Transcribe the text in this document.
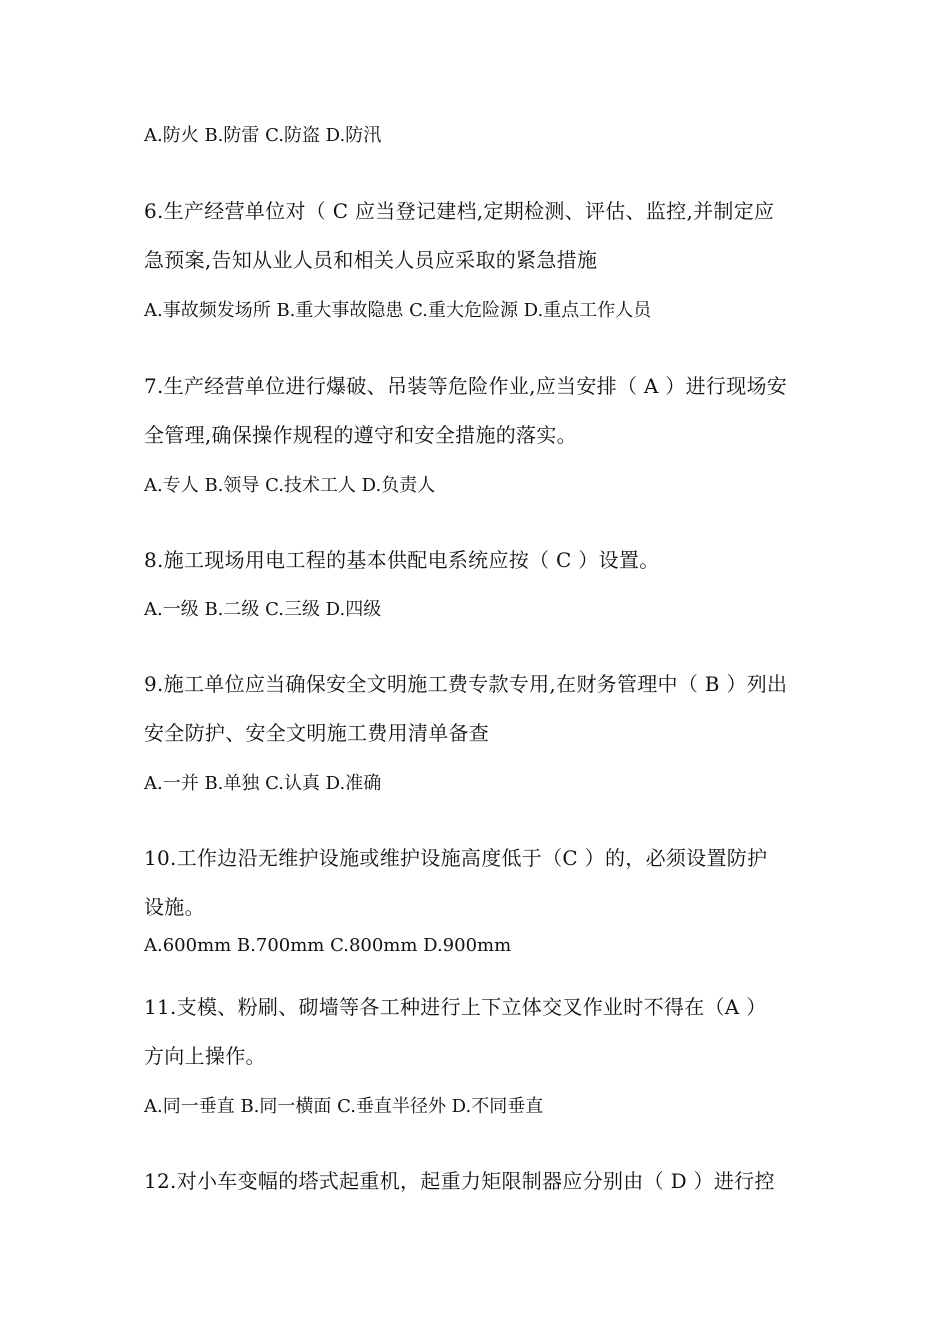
A.防火 B.防雷 C.防盗 D.防汛
6.生产经营单位对（ C 应当登记建档,定期检测、评估、监控,并制定应
急预案,告知从业人员和相关人员应采取的紧急措施
A.事故频发场所 B.重大事故隐患 C.重大危险源 D.重点工作人员
7.生产经营单位进行爆破、吊装等危险作业,应当安排（ A ）进行现场安
全管理,确保操作规程的遵守和安全措施的落实。
A.专人 B.领导 C.技术工人 D.负责人
8.施工现场用电工程的基本供配电系统应按（ C ）设置。
A.一级 B.二级 C.三级 D.四级
9.施工单位应当确保安全文明施工费专款专用,在财务管理中（ B ）列出
安全防护、安全文明施工费用清单备查
A.一并 B.单独 C.认真 D.准确
10.工作边沿无维护设施或维护设施高度低于（C ）的，必须设置防护
设施。
A.600mm B.700mm C.800mm D.900mm
11.支模、粉刷、砌墙等各工种进行上下立体交叉作业时不得在（A ）
方向上操作。
A.同一垂直 B.同一横面 C.垂直半径外 D.不同垂直
12.对小车变幅的塔式起重机，起重力矩限制器应分别由（ D ）进行控
